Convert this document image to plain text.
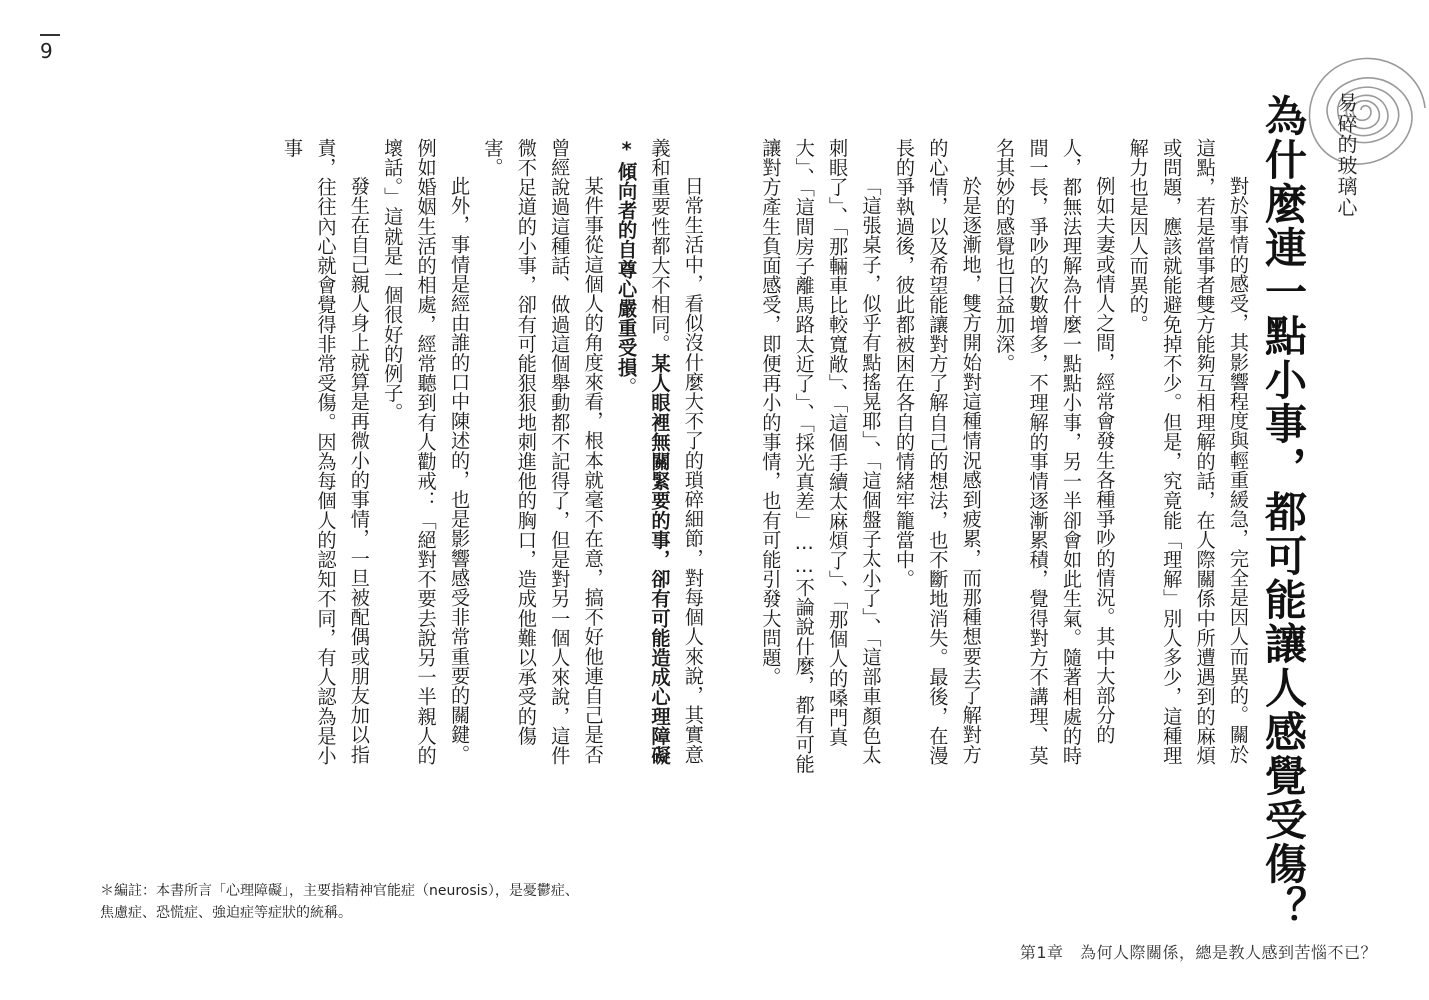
9
易碎的玻璃心
為什麼連一點小事，都可能讓人感覺受傷？

對於事情的感受，其影響程度與輕重緩急，完全是因人而異的。關於這點，若是當事者雙方能夠互相理解的話，在人際關係中所遭遇到的麻煩或問題，應該就能避免掉不少。但是，究竟能「理解」別人多少，這種理解力也是因人而異的。

例如夫妻或情人之間，經常會發生各種爭吵的情況。其中大部分的人，都無法理解為什麼一點點小事，另一半卻會如此生氣。隨著相處的時間一長，爭吵的次數增多，不理解的事情逐漸累積，覺得對方不講理、莫名其妙的感覺也日益加深。

於是逐漸地，雙方開始對這種情況感到疲累，而那種想要去了解對方的心情，以及希望能讓對方了解自己的想法，也不斷地消失。最後，在漫長的爭執過後，彼此都被困在各自的情緒牢籠當中。

「這張桌子，似乎有點搖晃耶」、「這個盤子太小了」、「這部車顏色太刺眼了」、「那輛車比較寬敞」、「這個手續太麻煩了」、「那個人的嗓門真大」、「這間房子離馬路太近了」、「採光真差」……不論說什麼，都有可能讓對方產生負面感受，即便再小的事情，也有可能引發大問題。

日常生活中，看似沒什麼大不了的瑣碎細節，對每個人來說，其實意義和重要性都大不相同。某人眼裡無關緊要的事，卻有可能造成心理障礙*傾向者的自尊心嚴重受損。

某件事從這個人的角度來看，根本就毫不在意，搞不好他連自己是否曾經說過這種話、做過這個舉動都不記得了，但是對另一個人來說，這件微不足道的小事，卻有可能狠狠地刺進他的胸口，造成他難以承受的傷害。

此外，事情是經由誰的口中陳述的，也是影響感受非常重要的關鍵。例如婚姻生活的相處，經常聽到有人勸戒：「絕對不要去說另一半親人的壞話。」這就是一個很好的例子。

發生在自己親人身上就算是再微小的事情，一旦被配偶或朋友加以指責，往往內心就會覺得非常受傷。因為每個人的認知不同，有人認為是小事

＊編註：本書所言「心理障礙」，主要指精神官能症（neurosis），是憂鬱症、
焦慮症、恐慌症、強迫症等症狀的統稱。
第1章　為何人際關係，總是教人感到苦惱不已？
